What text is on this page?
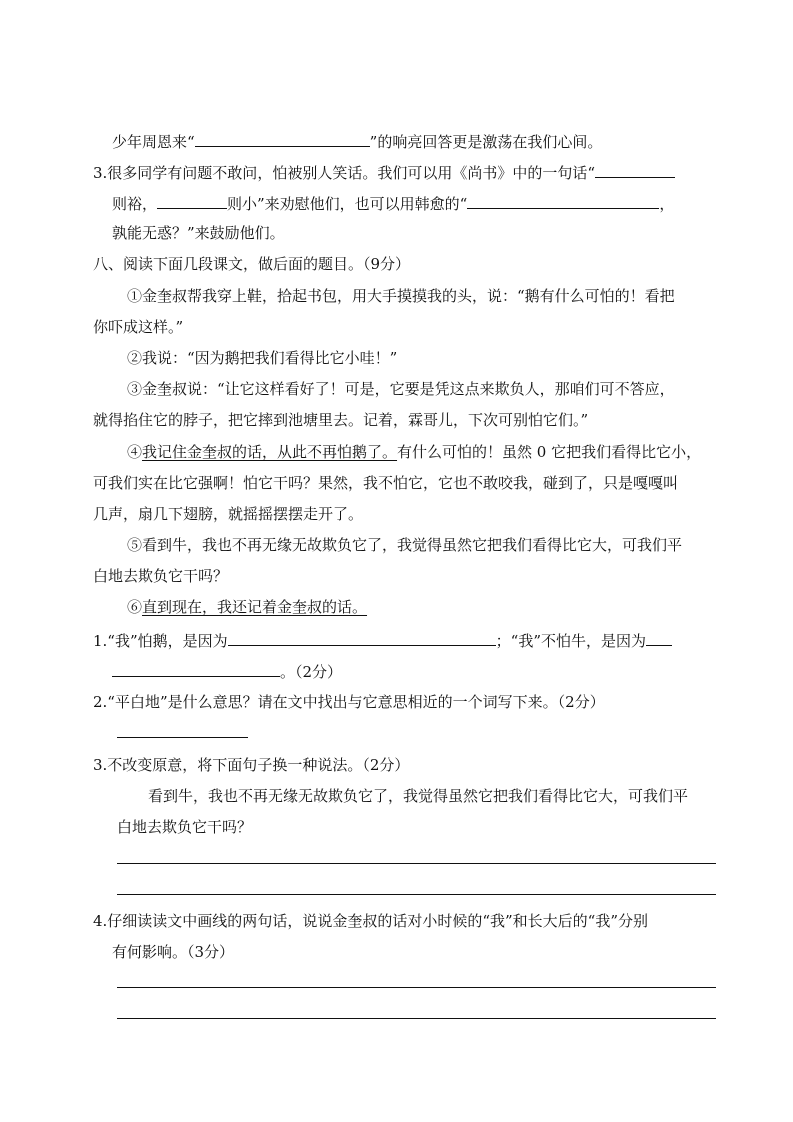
少年周恩来“	”的响亮回答更是激荡在我们心间。
3.很多同学有问题不敢问，怕被别人笑话。我们可以用《尚书》中的一句话“
则裕，	则小”来劝慰他们，也可以用韩愈的“	，
孰能无惑？”来鼓励他们。
八、阅读下面几段课文，做后面的题目。（9分）
①金奎叔帮我穿上鞋，拾起书包，用大手摸摸我的头，说：“鹅有什么可怕的！看把
你吓成这样。”
②我说：“因为鹅把我们看得比它小哇！”
③金奎叔说：“让它这样看好了！可是，它要是凭这点来欺负人，那咱们可不答应，
就得掐住它的脖子，把它摔到池塘里去。记着，霖哥儿，下次可别怕它们。”
④我记住金奎叔的话，从此不再怕鹅了。有什么可怕的！虽然 0 它把我们看得比它小，
可我们实在比它强啊！怕它干吗？果然，我不怕它，它也不敢咬我，碰到了，只是嘎嘎叫
几声，扇几下翅膀，就摇摇摆摆走开了。
⑤看到牛，我也不再无缘无故欺负它了，我觉得虽然它把我们看得比它大，可我们平
白地去欺负它干吗？
⑥直到现在，我还记着金奎叔的话。
1.“我”怕鹅，是因为	；“我”不怕牛，是因为
。（2分）
2.“平白地”是什么意思？请在文中找出与它意思相近的一个词写下来。（2分）
3.不改变原意，将下面句子换一种说法。（2分）
看到牛，我也不再无缘无故欺负它了，我觉得虽然它把我们看得比它大，可我们平
白地去欺负它干吗？
4.仔细读读文中画线的两句话，说说金奎叔的话对小时候的“我”和长大后的“我”分别
有何影响。（3分）
